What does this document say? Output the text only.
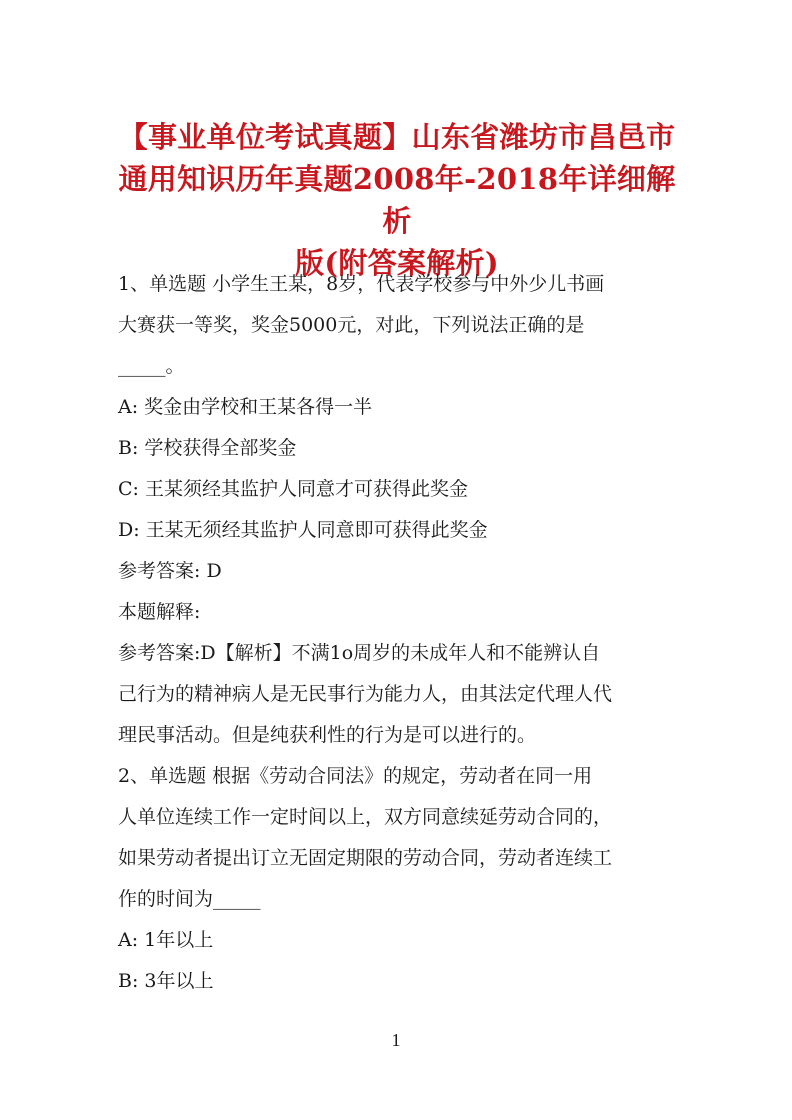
【事业单位考试真题】山东省潍坊市昌邑市
通用知识历年真题2008年-2018年详细解析
版(附答案解析)
1、单选题 小学生王某，8岁，代表学校参与中外少儿书画
大赛获一等奖，奖金5000元，对此，下列说法正确的是
_____。
A: 奖金由学校和王某各得一半
B: 学校获得全部奖金
C: 王某须经其监护人同意才可获得此奖金
D: 王某无须经其监护人同意即可获得此奖金
参考答案: D
本题解释:
参考答案:D【解析】不满1o周岁的未成年人和不能辨认自
己行为的精神病人是无民事行为能力人，由其法定代理人代
理民事活动。但是纯获利性的行为是可以进行的。
2、单选题 根据《劳动合同法》的规定，劳动者在同一用
人单位连续工作一定时间以上，双方同意续延劳动合同的，
如果劳动者提出订立无固定期限的劳动合同，劳动者连续工
作的时间为_____
A: 1年以上
B: 3年以上
1
